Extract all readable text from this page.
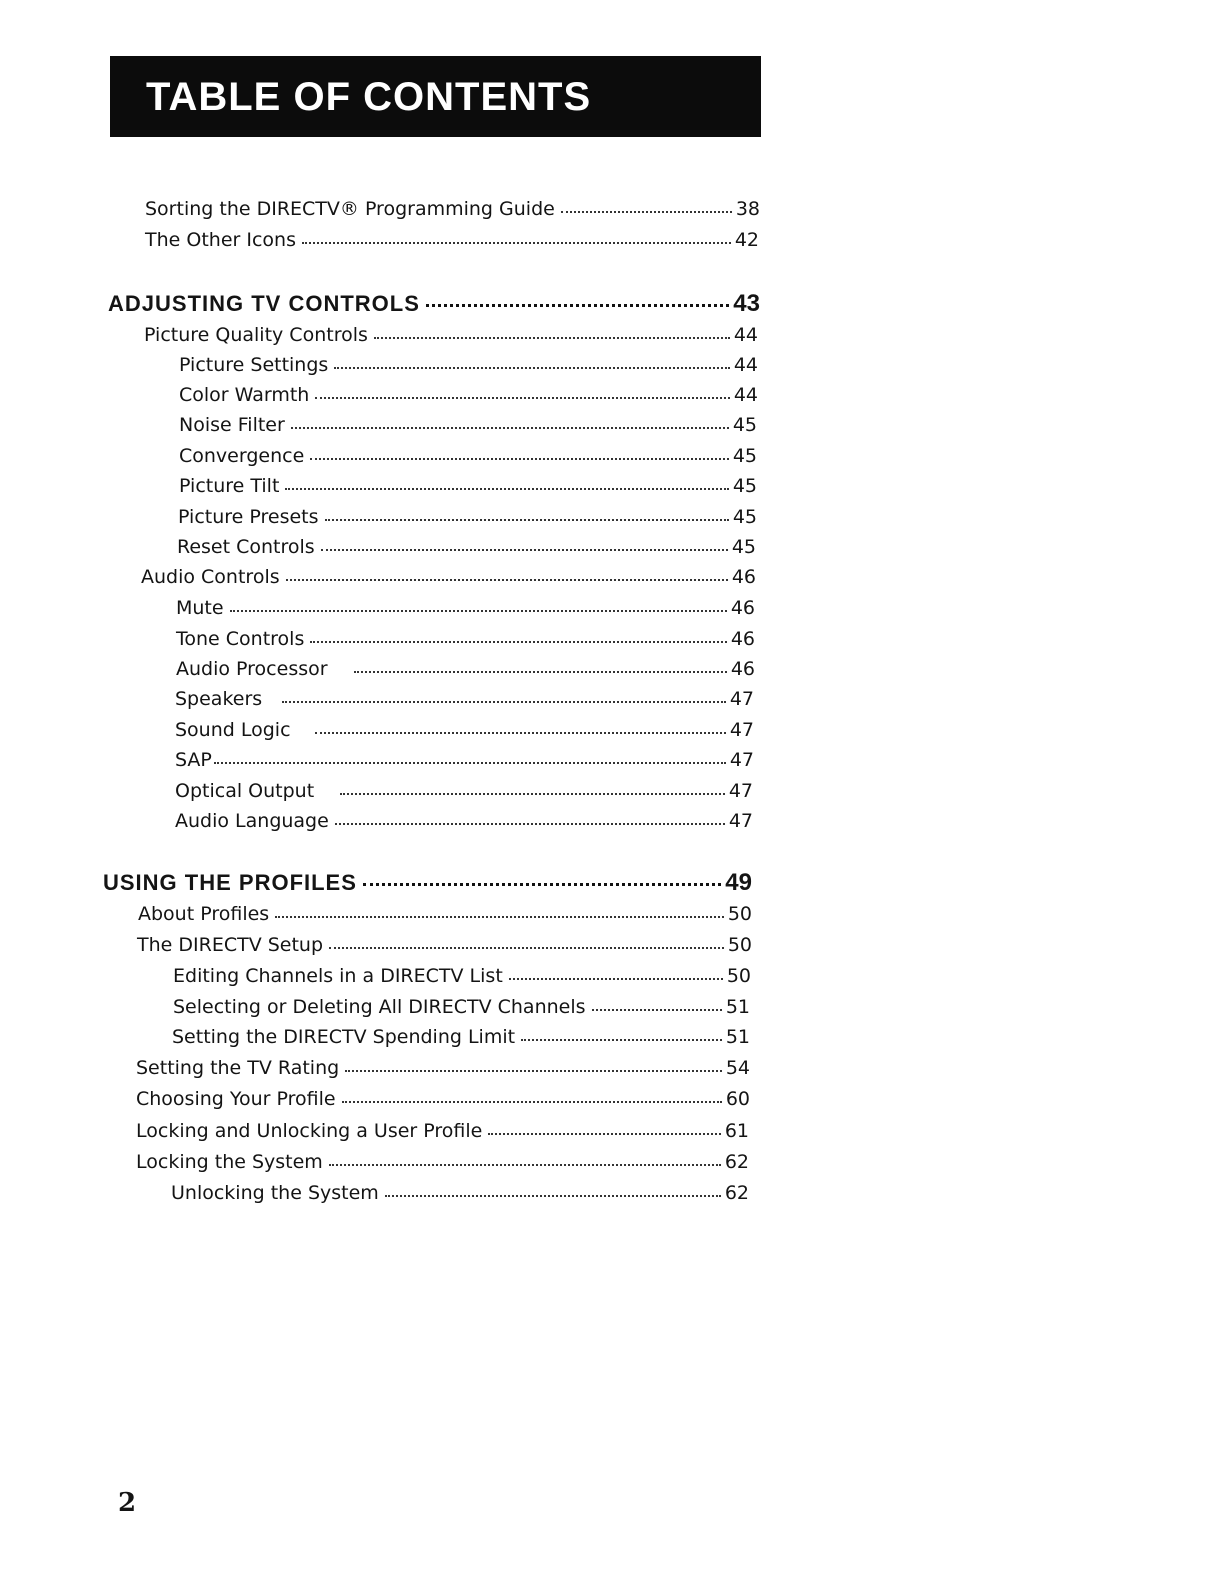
TABLE OF CONTENTS
Sorting the DIRECTV® Programming Guide	38
The Other Icons	42
ADJUSTING TV CONTROLS	43
Picture Quality Controls	44
Picture Settings	44
Color Warmth	44
Noise Filter	45
Convergence	45
Picture Tilt	45
Picture Presets	45
Reset Controls	45
Audio Controls	46
Mute	46
Tone Controls	46
Audio Processor	46
Speakers	47
Sound Logic	47
SAP	47
Optical Output	47
Audio Language	47
USING THE PROFILES	49
About Profiles	50
The DIRECTV Setup	50
Editing Channels in a DIRECTV List	50
Selecting or Deleting All DIRECTV Channels	51
Setting the DIRECTV Spending Limit	51
Setting the TV Rating	54
Choosing Your Profile	60
Locking and Unlocking a User Profile	61
Locking the System	62
Unlocking the System	62
2
